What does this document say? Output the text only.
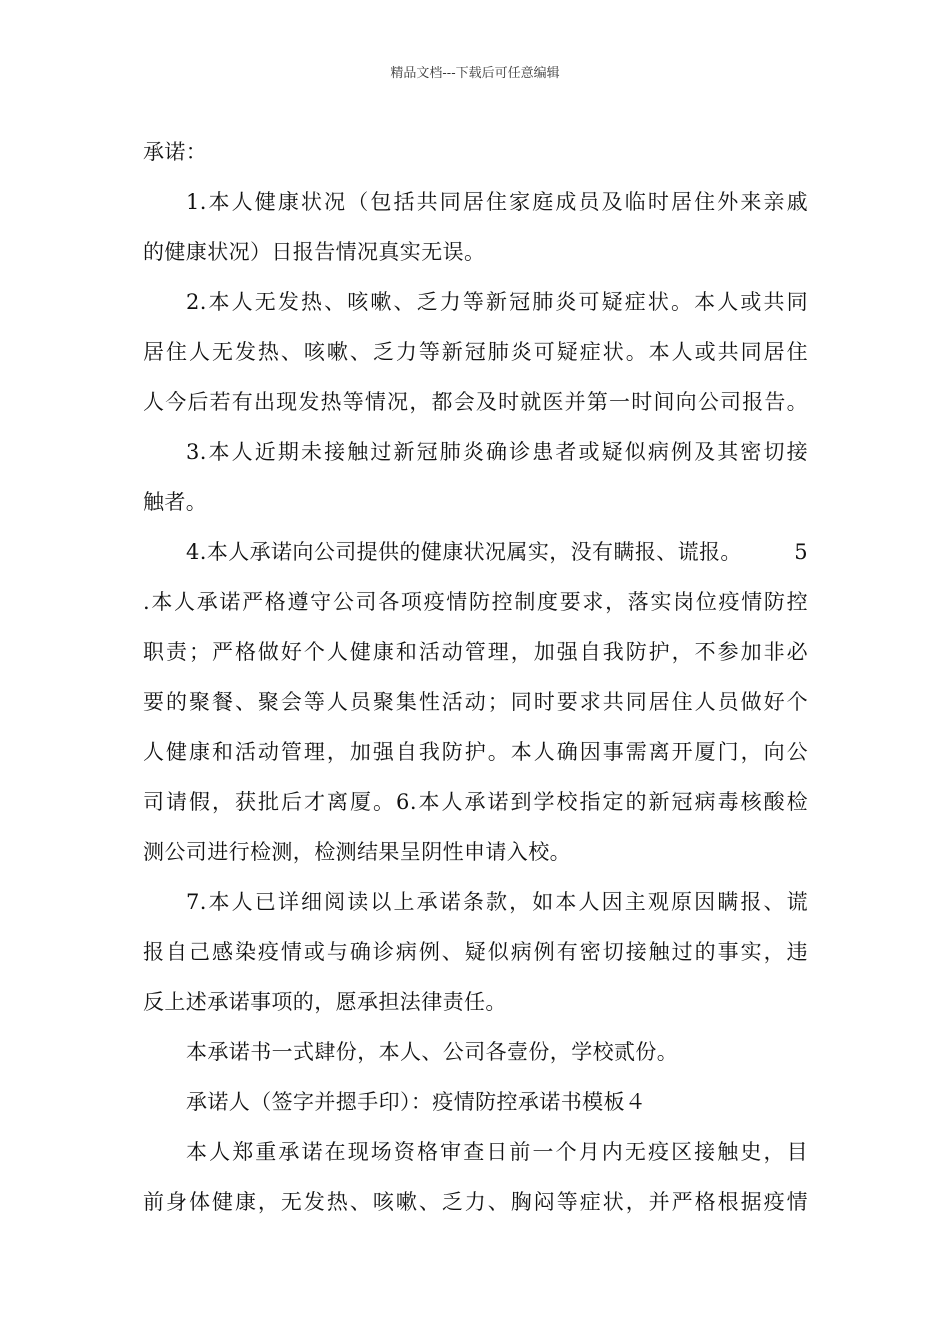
精品文档---下载后可任意编辑
承诺：
1.本人健康状况（包括共同居住家庭成员及临时居住外来亲戚
的健康状况）日报告情况真实无误。
2.本人无发热、咳嗽、乏力等新冠肺炎可疑症状。本人或共同
居住人无发热、咳嗽、乏力等新冠肺炎可疑症状。本人或共同居住
人今后若有出现发热等情况，都会及时就医并第一时间向公司报告。
3.本人近期未接触过新冠肺炎确诊患者或疑似病例及其密切接
触者。
4.本人承诺向公司提供的健康状况属实，没有瞒报、谎报。 5
.本人承诺严格遵守公司各项疫情防控制度要求，落实岗位疫情防控
职责；严格做好个人健康和活动管理，加强自我防护，不参加非必
要的聚餐、聚会等人员聚集性活动；同时要求共同居住人员做好个
人健康和活动管理，加强自我防护。本人确因事需离开厦门，向公
司请假，获批后才离厦。6.本人承诺到学校指定的新冠病毒核酸检
测公司进行检测，检测结果呈阴性申请入校。
7.本人已详细阅读以上承诺条款，如本人因主观原因瞒报、谎
报自己感染疫情或与确诊病例、疑似病例有密切接触过的事实，违
反上述承诺事项的，愿承担法律责任。
本承诺书一式肆份，本人、公司各壹份，学校贰份。
承诺人（签字并摁手印）：疫情防控承诺书模板４
本人郑重承诺在现场资格审查日前一个月内无疫区接触史，目
前身体健康，无发热、咳嗽、乏力、胸闷等症状，并严格根据疫情
